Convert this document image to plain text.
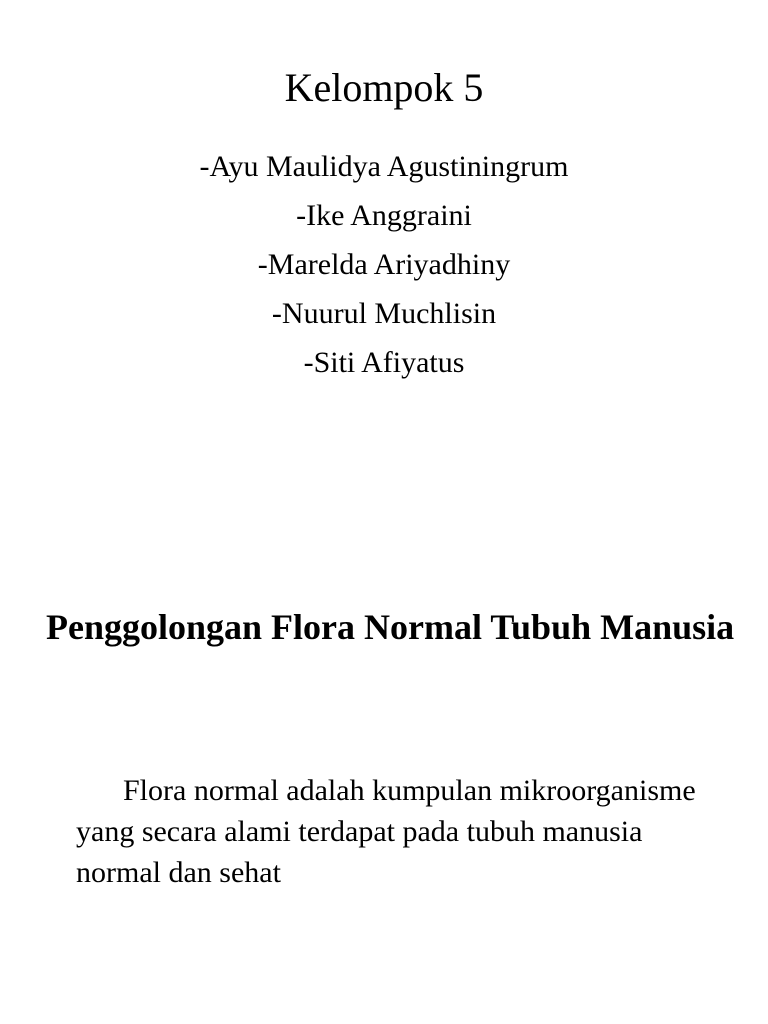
Kelompok 5
-Ayu Maulidya Agustiningrum
-Ike Anggraini
-Marelda Ariyadhiny
-Nuurul Muchlisin
-Siti Afiyatus
Penggolongan Flora Normal Tubuh Manusia

Flora normal adalah kumpulan mikroorganisme yang secara alami terdapat pada tubuh manusia normal dan sehat
